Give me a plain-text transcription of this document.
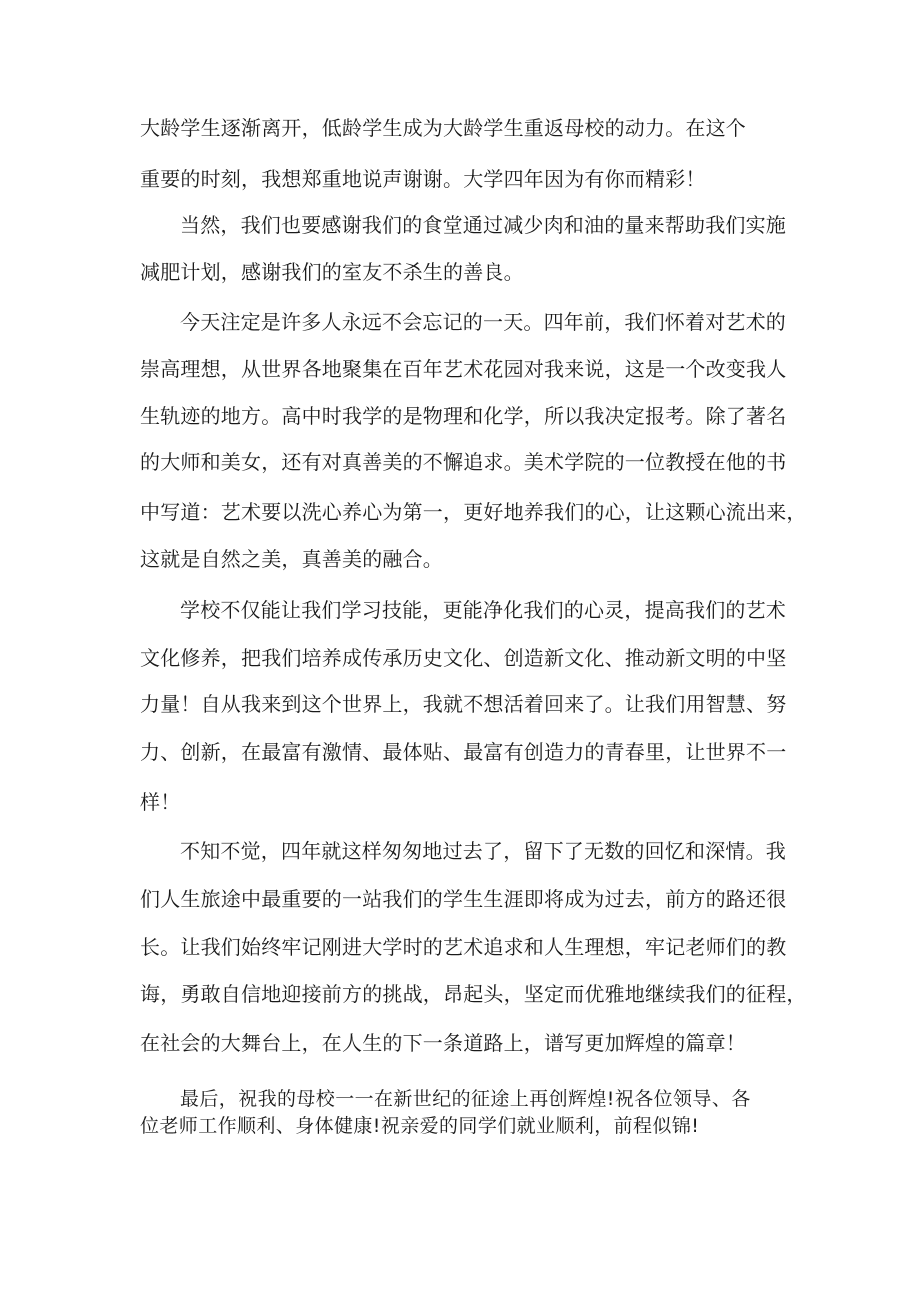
大龄学生逐渐离开，低龄学生成为大龄学生重返母校的动力。在这个
重要的时刻，我想郑重地说声谢谢。大学四年因为有你而精彩！
当然，我们也要感谢我们的食堂通过减少肉和油的量来帮助我们实施
减肥计划，感谢我们的室友不杀生的善良。
今天注定是许多人永远不会忘记的一天。四年前，我们怀着对艺术的
崇高理想，从世界各地聚集在百年艺术花园对我来说，这是一个改变我人
生轨迹的地方。高中时我学的是物理和化学，所以我决定报考。除了著名
的大师和美女，还有对真善美的不懈追求。美术学院的一位教授在他的书
中写道：艺术要以洗心养心为第一，更好地养我们的心，让这颗心流出来，
这就是自然之美，真善美的融合。
学校不仅能让我们学习技能，更能净化我们的心灵，提高我们的艺术
文化修养，把我们培养成传承历史文化、创造新文化、推动新文明的中坚
力量！自从我来到这个世界上，我就不想活着回来了。让我们用智慧、努
力、创新，在最富有激情、最体贴、最富有创造力的青春里，让世界不一
样！
不知不觉，四年就这样匆匆地过去了，留下了无数的回忆和深情。我
们人生旅途中最重要的一站我们的学生生涯即将成为过去，前方的路还很
长。让我们始终牢记刚进大学时的艺术追求和人生理想，牢记老师们的教
诲，勇敢自信地迎接前方的挑战，昂起头，坚定而优雅地继续我们的征程，
在社会的大舞台上，在人生的下一条道路上，谱写更加辉煌的篇章！
最后，祝我的母校一一在新世纪的征途上再创辉煌!祝各位领导、各
位老师工作顺利、身体健康!祝亲爱的同学们就业顺利，前程似锦!
